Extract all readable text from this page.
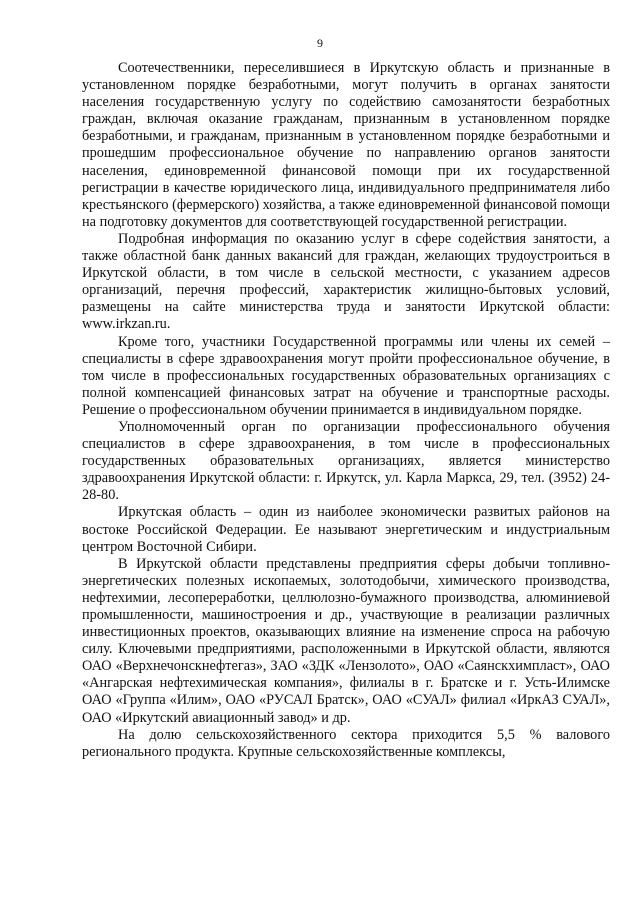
9

Соотечественники, переселившиеся в Иркутскую область и признанные в установленном порядке безработными, могут получить в органах занятости населения государственную услугу по содействию самозанятости безработных граждан, включая оказание гражданам, признанным в установленном порядке безработными, и гражданам, признанным в установленном порядке безработными и прошедшим профессиональное обучение по направлению органов занятости населения, единовременной финансовой помощи при их государственной регистрации в качестве юридического лица, индивидуального предпринимателя либо крестьянского (фермерского) хозяйства, а также единовременной финансовой помощи на подготовку документов для соответствующей государственной регистрации.

Подробная информация по оказанию услуг в сфере содействия занятости, а также областной банк данных вакансий для граждан, желающих трудоустроиться в Иркутской области, в том числе в сельской местности, с указанием адресов организаций, перечня профессий, характеристик жилищно-бытовых условий, размещены на сайте министерства труда и занятости Иркутской области: www.irkzan.ru.

Кроме того, участники Государственной программы или члены их семей – специалисты в сфере здравоохранения могут пройти профессиональное обучение, в том числе в профессиональных государственных образовательных организациях с полной компенсацией финансовых затрат на обучение и транспортные расходы. Решение о профессиональном обучении принимается в индивидуальном порядке.

Уполномоченный орган по организации профессионального обучения специалистов в сфере здравоохранения, в том числе в профессиональных государственных образовательных организациях, является министерство здравоохранения Иркутской области: г. Иркутск, ул. Карла Маркса, 29, тел. (3952) 24-28-80.

Иркутская область – один из наиболее экономически развитых районов на востоке Российской Федерации. Ее называют энергетическим и индустриальным центром Восточной Сибири.

В Иркутской области представлены предприятия сферы добычи топливно-энергетических полезных ископаемых, золотодобычи, химического производства, нефтехимии, лесопереработки, целлюлозно-бумажного производства, алюминиевой промышленности, машиностроения и др., участвующие в реализации различных инвестиционных проектов, оказывающих влияние на изменение спроса на рабочую силу. Ключевыми предприятиями, расположенными в Иркутской области, являются ОАО «Верхнечонскнефтегаз», ЗАО «ЗДК «Лензолото», ОАО «Саянскхимпласт», ОАО «Ангарская нефтехимическая компания», филиалы в г. Братске и г. Усть-Илимске ОАО «Группа «Илим», ОАО «РУСАЛ Братск», ОАО «СУАЛ» филиал «ИркАЗ СУАЛ», ОАО «Иркутский авиационный завод» и др.

На долю сельскохозяйственного сектора приходится 5,5 % валового регионального продукта. Крупные сельскохозяйственные комплексы,
